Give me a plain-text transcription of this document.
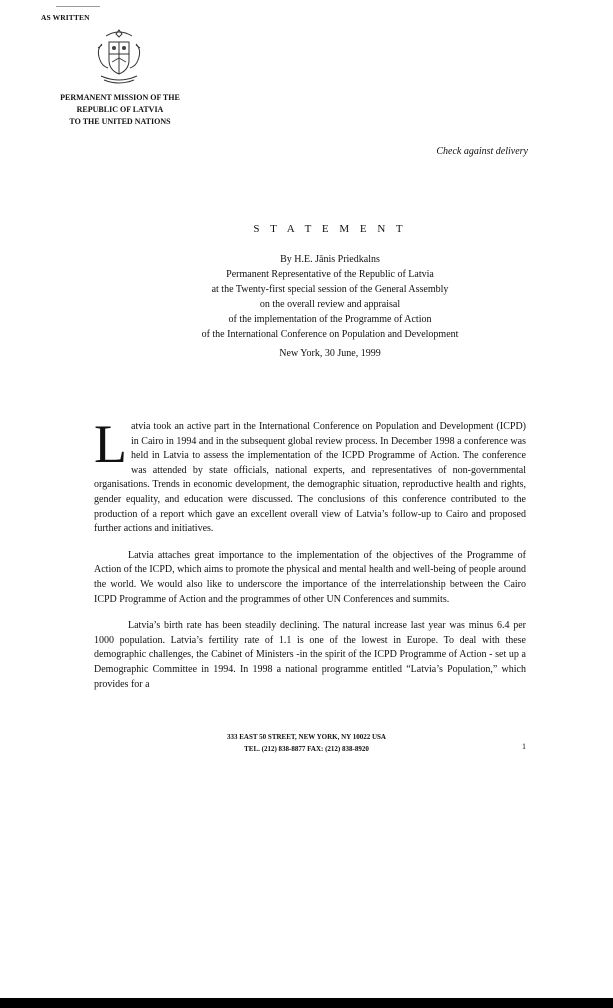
AS WRITTEN
PERMANENT MISSION OF THE
REPUBLIC OF LATVIA
TO THE UNITED NATIONS
Check against delivery
S T A T E M E N T
By H.E. Jānis Priedkalns
Permanent Representative of the Republic of Latvia
at the Twenty-first special session of the General Assembly
on the overall review and appraisal
of the implementation of the Programme of Action
of the International Conference on Population and Development
New York, 30 June, 1999

Latvia took an active part in the International Conference on Population and Development (ICPD) in Cairo in 1994 and in the subsequent global review process. In December 1998 a conference was held in Latvia to assess the implementation of the ICPD Programme of Action. The conference was attended by state officials, national experts, and representatives of non-governmental organisations. Trends in economic development, the demographic situation, reproductive health and rights, gender equality, and education were discussed. The conclusions of this conference contributed to the production of a report which gave an excellent overall view of Latvia’s follow-up to Cairo and proposed further actions and initiatives.

Latvia attaches great importance to the implementation of the objectives of the Programme of Action of the ICPD, which aims to promote the physical and mental health and well-being of people around the world. We would also like to underscore the importance of the interrelationship between the Cairo ICPD Programme of Action and the programmes of other UN Conferences and summits.

Latvia’s birth rate has been steadily declining. The natural increase last year was minus 6.4 per 1000 population. Latvia’s fertility rate of 1.1 is one of the lowest in Europe. To deal with these demographic challenges, the Cabinet of Ministers -in the spirit of the ICPD Programme of Action - set up a Demographic Committee in 1994. In 1998 a national programme entitled “Latvia’s Population,” which provides for a

333 EAST 50 STREET, NEW YORK, NY 10022 USA
TEL. (212) 838-8877 FAX: (212) 838-8920	1
